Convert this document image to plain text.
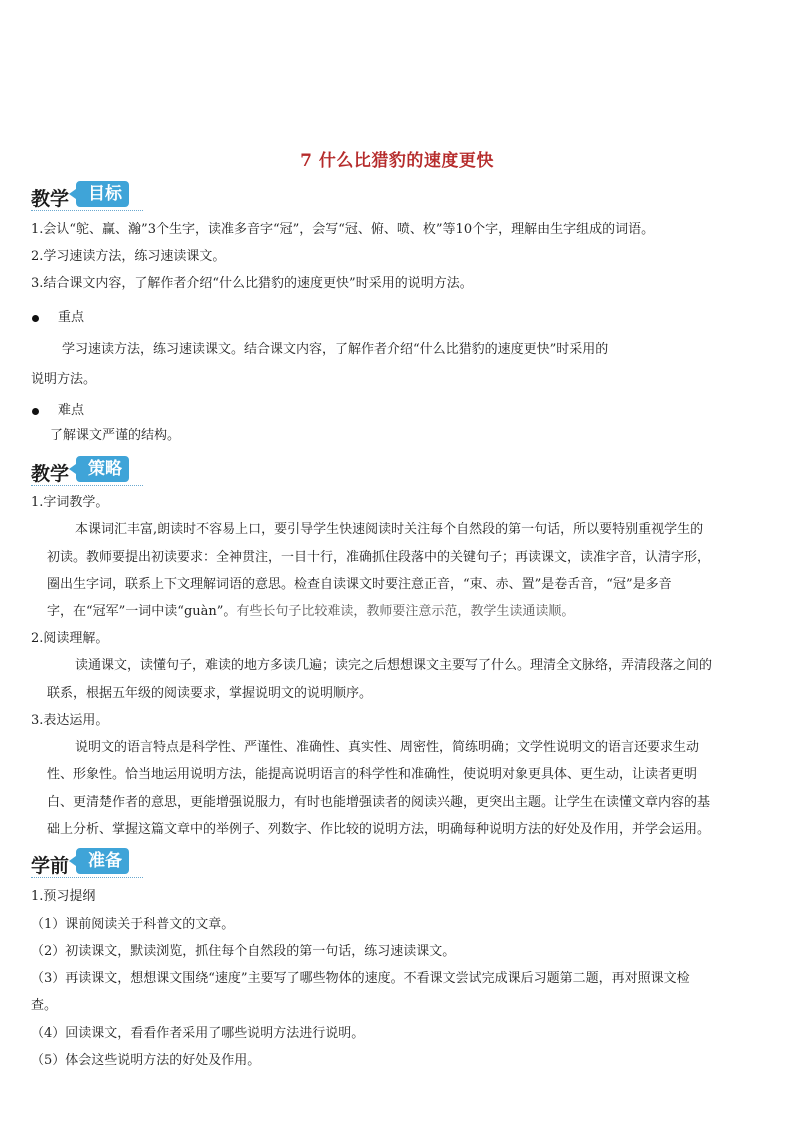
7 什么比猎豹的速度更快
教学	目标
1.会认“鸵、赢、瀚”3个生字，读准多音字“冠”，会写“冠、俯、喷、枚”等10个字，理解由生字组成的词语。
2.学习速读方法，练习速读课文。
3.结合课文内容，了解作者介绍“什么比猎豹的速度更快”时采用的说明方法。
重点
学习速读方法，练习速读课文。结合课文内容，了解作者介绍“什么比猎豹的速度更快”时采用的
说明方法。
难点
了解课文严谨的结构。
教学	策略
1.字词教学。
本课词汇丰富,朗读时不容易上口，要引导学生快速阅读时关注每个自然段的第一句话，所以要特别重视学生的
初读。教师要提出初读要求：全神贯注，一目十行，准确抓住段落中的关键句子；再读课文，读准字音，认清字形，
圈出生字词，联系上下文理解词语的意思。检查自读课文时要注意正音，“束、赤、置”是卷舌音，“冠”是多音
字，在“冠军”一词中读“guàn”。有些长句子比较难读，教师要注意示范，教学生读通读顺。
2.阅读理解。
读通课文，读懂句子，难读的地方多读几遍；读完之后想想课文主要写了什么。理清全文脉络，弄清段落之间的
联系，根据五年级的阅读要求，掌握说明文的说明顺序。
3.表达运用。
说明文的语言特点是科学性、严谨性、准确性、真实性、周密性，简练明确；文学性说明文的语言还要求生动
性、形象性。恰当地运用说明方法，能提高说明语言的科学性和准确性，使说明对象更具体、更生动，让读者更明
白、更清楚作者的意思，更能增强说服力，有时也能增强读者的阅读兴趣，更突出主题。让学生在读懂文章内容的基
础上分析、掌握这篇文章中的举例子、列数字、作比较的说明方法，明确每种说明方法的好处及作用，并学会运用。
学前	准备
1.预习提纲
（1）课前阅读关于科普文的文章。
（2）初读课文，默读浏览，抓住每个自然段的第一句话，练习速读课文。
（3）再读课文，想想课文围绕“速度”主要写了哪些物体的速度。不看课文尝试完成课后习题第二题，再对照课文检
查。
（4）回读课文，看看作者采用了哪些说明方法进行说明。
（5）体会这些说明方法的好处及作用。
